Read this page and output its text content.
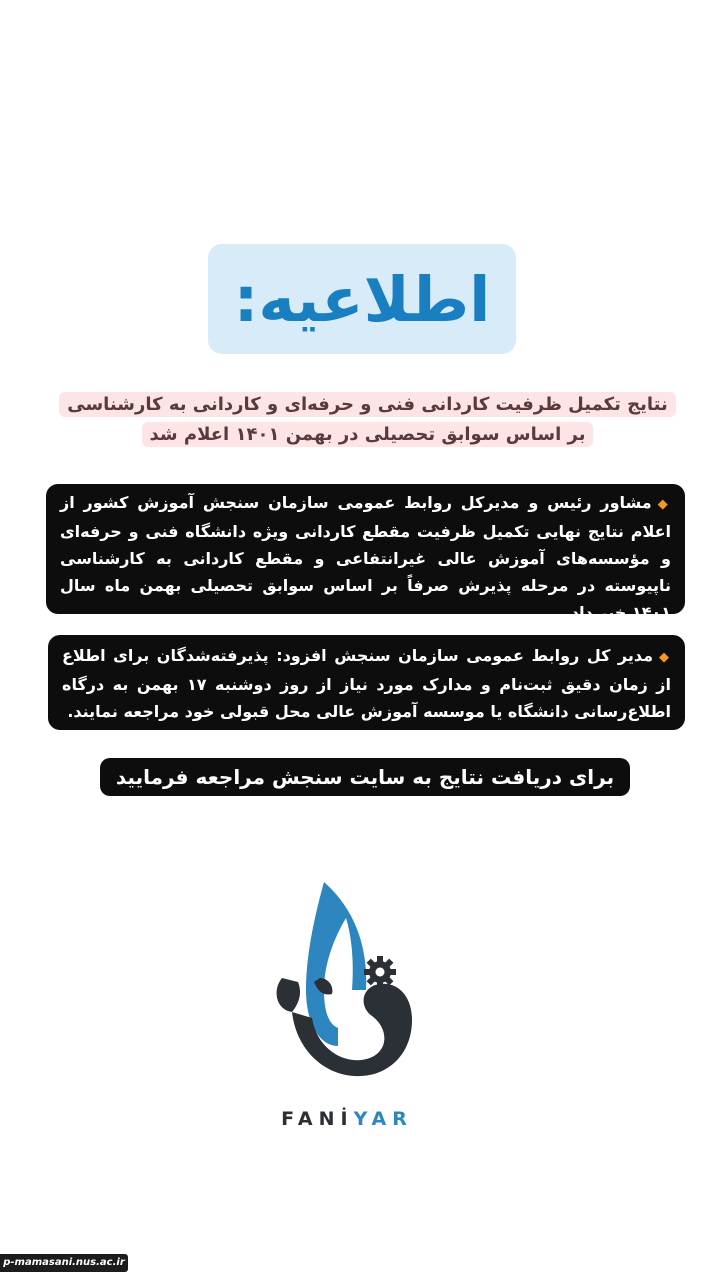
اطلاعیه:
نتایج تکمیل ظرفیت کاردانی فنی و حرفه‌ای و کاردانی به کارشناسی بر اساس سوابق تحصیلی در بهمن ۱۴۰۱ اعلام شد
◆مشاور رئیس و مدیرکل روابط عمومی سازمان سنجش آموزش کشور از اعلام نتایج نهایی تکمیل ظرفیت مقطع کاردانی ویژه دانشگاه فنی و حرفه‌ای و مؤسسه‌های آموزش عالی غیرانتفاعی و مقطع کاردانی به کارشناسی ناپیوسته در مرحله پذیرش صرفاً بر اساس سوابق تحصیلی بهمن ماه سال ۱۴۰۱ خبر داد.
◆مدیر کل روابط عمومی سازمان سنجش افزود: پذیرفته‌شدگان برای اطلاع از زمان دقیق ثبت‌نام و مدارک مورد نیاز از روز دوشنبه ۱۷ بهمن به درگاه اطلاع‌رسانی دانشگاه یا موسسه آموزش عالی محل قبولی خود مراجعه نمایند.
برای دریافت نتایج به سایت سنجش مراجعه فرمایید
FANİYAR
p-mamasani.nus.ac.ir
